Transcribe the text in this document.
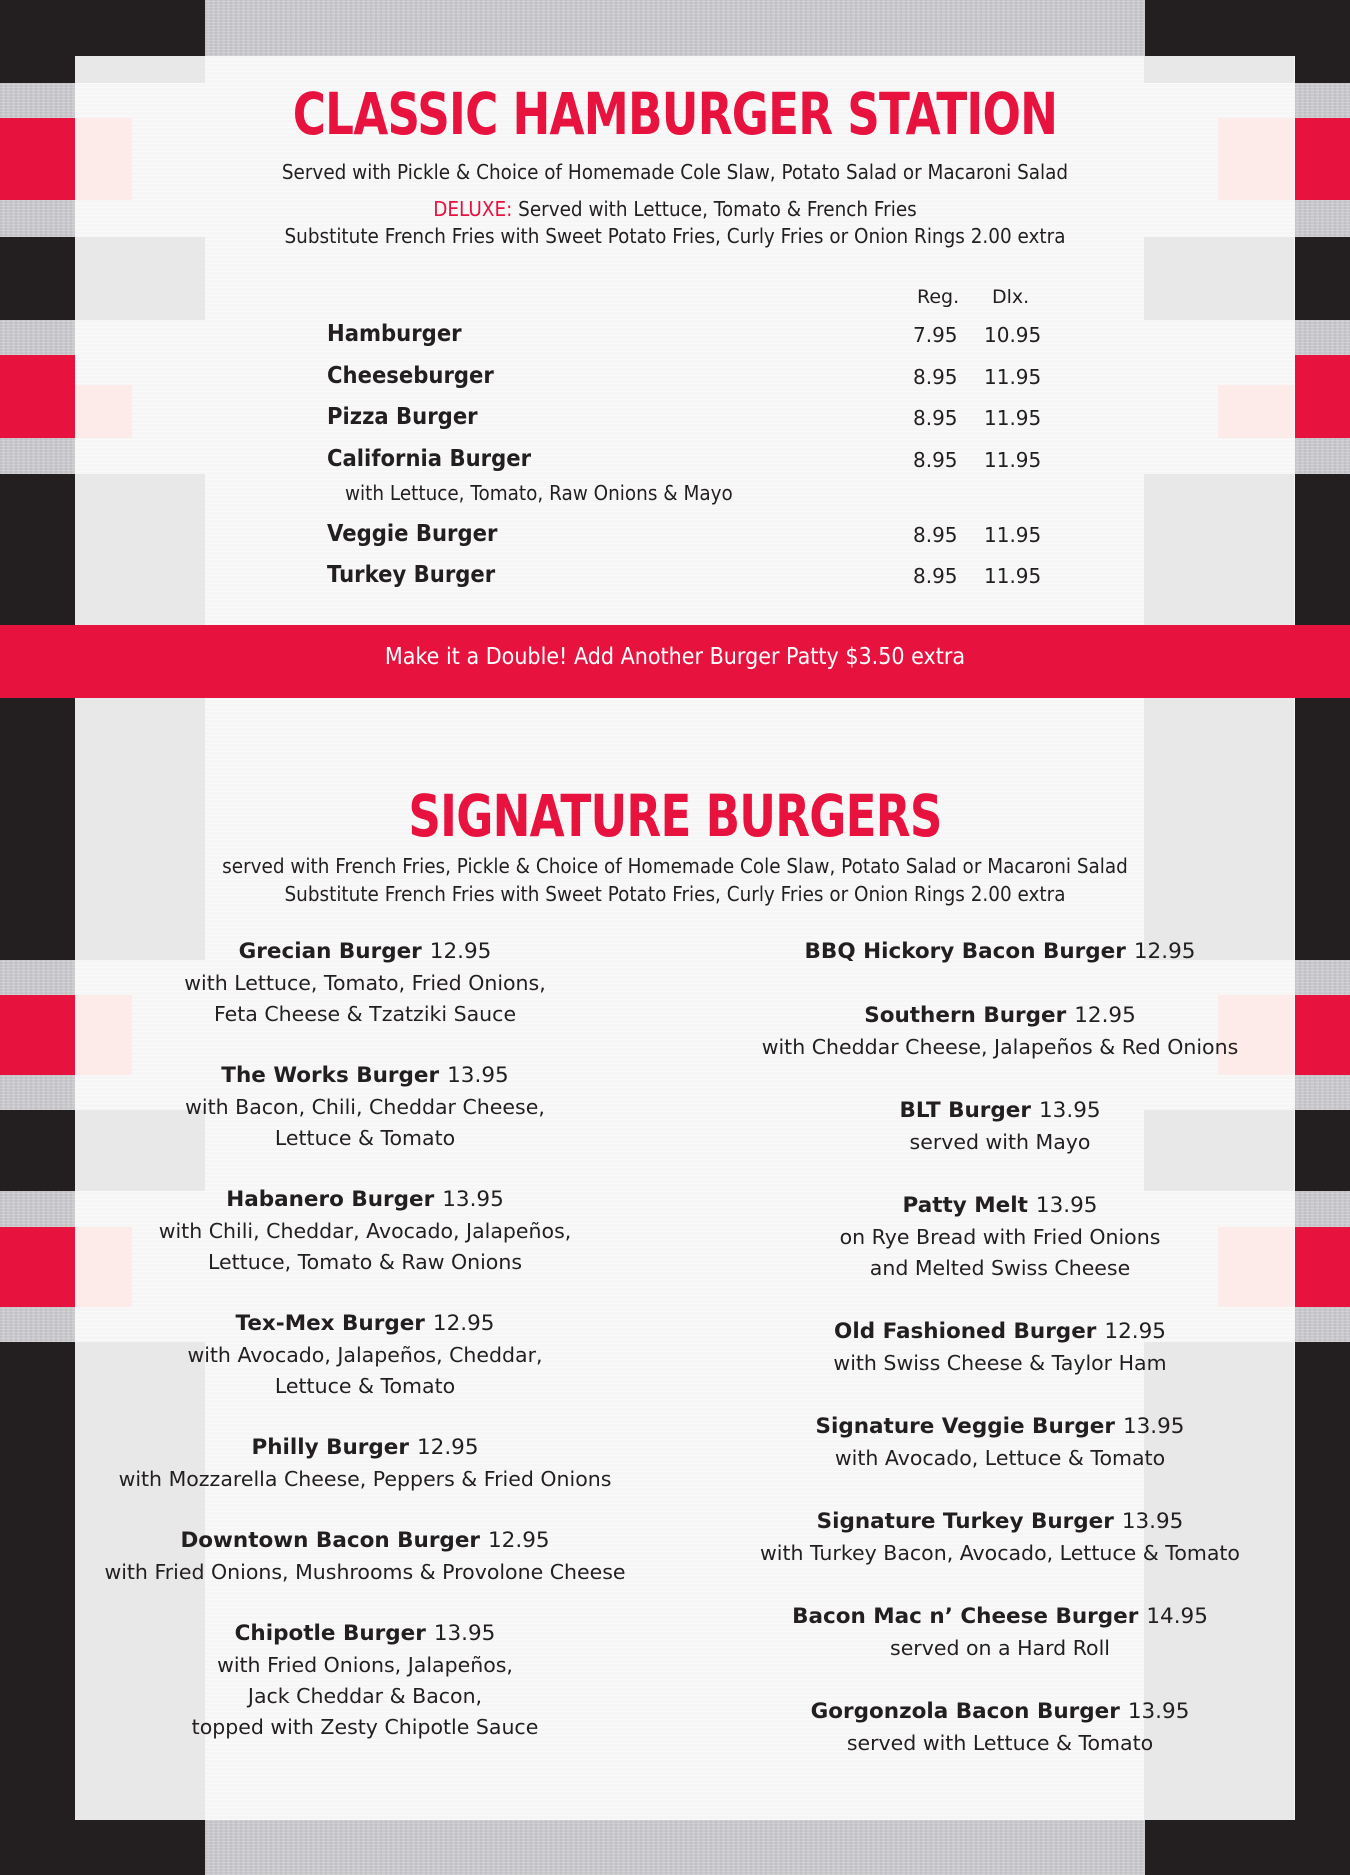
CLASSIC HAMBURGER STATION
Served with Pickle & Choice of Homemade Cole Slaw, Potato Salad or Macaroni Salad
DELUXE: Served with Lettuce, Tomato & French Fries
Substitute French Fries with Sweet Potato Fries, Curly Fries or Onion Rings 2.00 extra
Reg. Dlx.
Hamburger	7.95 10.95
Cheeseburger	8.95 11.95
Pizza Burger	8.95 11.95
California Burger	8.95 11.95
with Lettuce, Tomato, Raw Onions & Mayo
Veggie Burger	8.95 11.95
Turkey Burger	8.95 11.95
Make it a Double! Add Another Burger Patty $3.50 extra
SIGNATURE BURGERS
served with French Fries, Pickle & Choice of Homemade Cole Slaw, Potato Salad or Macaroni Salad
Substitute French Fries with Sweet Potato Fries, Curly Fries or Onion Rings 2.00 extra
Grecian Burger 12.95
with Lettuce, Tomato, Fried Onions,
Feta Cheese & Tzatziki Sauce
The Works Burger 13.95
with Bacon, Chili, Cheddar Cheese,
Lettuce & Tomato
Habanero Burger 13.95
with Chili, Cheddar, Avocado, Jalapeños,
Lettuce, Tomato & Raw Onions
Tex-Mex Burger 12.95
with Avocado, Jalapeños, Cheddar,
Lettuce & Tomato
Philly Burger 12.95
with Mozzarella Cheese, Peppers & Fried Onions
Downtown Bacon Burger 12.95
with Fried Onions, Mushrooms & Provolone Cheese
Chipotle Burger 13.95
with Fried Onions, Jalapeños,
Jack Cheddar & Bacon,
topped with Zesty Chipotle Sauce
BBQ Hickory Bacon Burger 12.95
Southern Burger 12.95
with Cheddar Cheese, Jalapeños & Red Onions
BLT Burger 13.95
served with Mayo
Patty Melt 13.95
on Rye Bread with Fried Onions
and Melted Swiss Cheese
Old Fashioned Burger 12.95
with Swiss Cheese & Taylor Ham
Signature Veggie Burger 13.95
with Avocado, Lettuce & Tomato
Signature Turkey Burger 13.95
with Turkey Bacon, Avocado, Lettuce & Tomato
Bacon Mac n’ Cheese Burger 14.95
served on a Hard Roll
Gorgonzola Bacon Burger 13.95
served with Lettuce & Tomato
